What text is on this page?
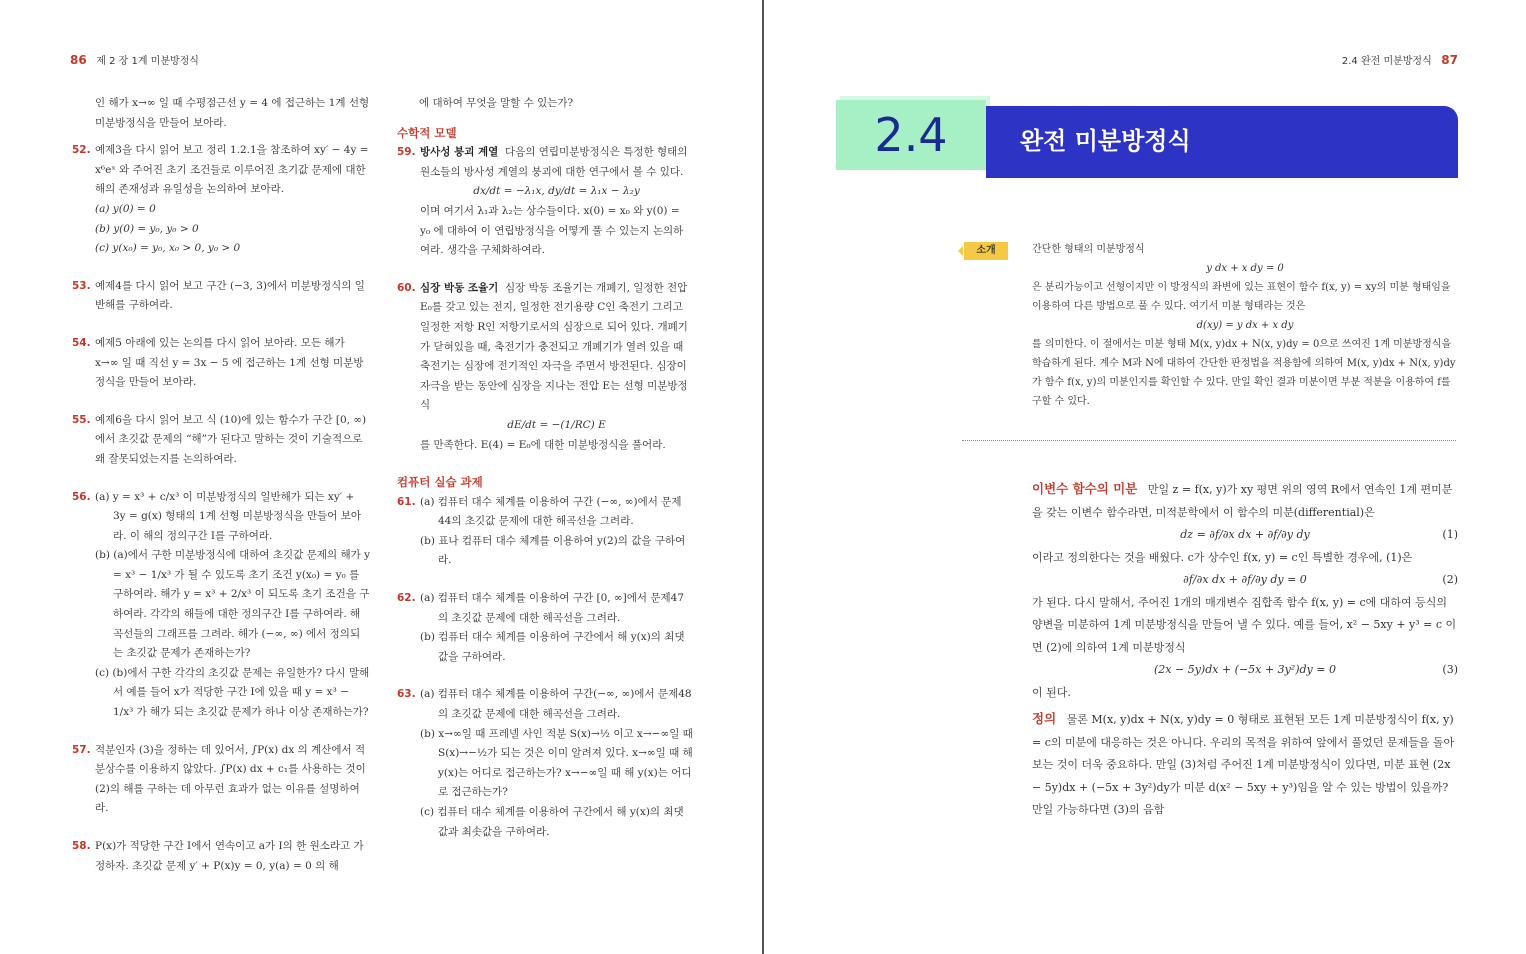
86 제 2 장 1계 미분방정식

인 해가 x→∞ 일 때 수평점근선 y = 4 에 접근하는 1계 선형 미분방정식을 만들어 보아라.

52. 예제3을 다시 읽어 보고 정리 1.2.1을 참조하여 xy′ − 4y = x⁶eˣ 와 주어진 초기 조건들로 이루어진 초기값 문제에 대한 해의 존재성과 유일성을 논의하여 보아라.

(a) y(0) = 0

(b) y(0) = y₀, y₀ > 0

(c) y(x₀) = y₀, x₀ > 0, y₀ > 0

53. 예제4를 다시 읽어 보고 구간 (−3, 3)에서 미분방정식의 일반해를 구하여라.

54. 예제5 아래에 있는 논의를 다시 읽어 보아라. 모든 해가 x→∞ 일 때 직선 y = 3x − 5 에 접근하는 1계 선형 미분방정식을 만들어 보아라.

55. 예제6을 다시 읽어 보고 식 (10)에 있는 함수가 구간 [0, ∞) 에서 초깃값 문제의 “해”가 된다고 말하는 것이 기술적으로 왜 잘못되었는지를 논의하여라.

56. (a) y = x³ + c/x³ 이 미분방정식의 일반해가 되는 xy′ + 3y = g(x) 형태의 1계 선형 미분방정식을 만들어 보아라. 이 해의 정의구간 I를 구하여라.

(b) (a)에서 구한 미분방정식에 대하여 초깃값 문제의 해가 y = x³ − 1/x³ 가 될 수 있도록 초기 조건 y(x₀) = y₀ 를 구하여라. 해가 y = x³ + 2/x³ 이 되도록 초기 조건을 구하여라. 각각의 해들에 대한 정의구간 I를 구하여라. 해곡선들의 그래프를 그려라. 해가 (−∞, ∞) 에서 정의되는 초깃값 문제가 존재하는가?

(c) (b)에서 구한 각각의 초깃값 문제는 유일한가? 다시 말해서 예를 들어 x가 적당한 구간 I에 있을 때 y = x³ − 1/x³ 가 해가 되는 초깃값 문제가 하나 이상 존재하는가?

57. 적분인자 (3)을 정하는 데 있어서, ∫P(x) dx 의 계산에서 적분상수를 이용하지 않았다. ∫P(x) dx + c₁를 사용하는 것이 (2)의 해를 구하는 데 아무런 효과가 없는 이유를 설명하여라.

58. P(x)가 적당한 구간 I에서 연속이고 a가 I의 한 원소라고 가정하자. 초깃값 문제 y′ + P(x)y = 0, y(a) = 0 의 해

에 대하여 무엇을 말할 수 있는가?

수학적 모델

59. 방사성 붕괴 계열 다음의 연립미분방정식은 특정한 형태의 원소들의 방사성 계열의 붕괴에 대한 연구에서 볼 수 있다.

dx/dt = −λ₁x, dy/dt = λ₁x − λ₂y

이며 여기서 λ₁과 λ₂는 상수들이다. x(0) = x₀ 와 y(0) = y₀ 에 대하여 이 연립방정식을 어떻게 풀 수 있는지 논의하여라. 생각을 구체화하여라.

60. 심장 박동 조율기 심장 박동 조율기는 개폐기, 일정한 전압 E₀를 갖고 있는 전지, 일정한 전기용량 C인 축전기 그리고 일정한 저항 R인 저항기로서의 심장으로 되어 있다. 개폐기가 닫혀있을 때, 축전기가 충전되고 개폐기가 열려 있을 때 축전기는 심장에 전기적인 자극을 주면서 방전된다. 심장이 자극을 받는 동안에 심장을 지나는 전압 E는 선형 미분방정식

dE/dt = −(1/RC) E

를 만족한다. E(4) = E₀에 대한 미분방정식을 풀어라.

컴퓨터 실습 과제

61. (a) 컴퓨터 대수 체계를 이용하여 구간 (−∞, ∞)에서 문제44의 초깃값 문제에 대한 해곡선을 그려라.

(b) 표나 컴퓨터 대수 체계를 이용하여 y(2)의 값을 구하여라.

62. (a) 컴퓨터 대수 체계를 이용하여 구간 [0, ∞]에서 문제47의 초깃값 문제에 대한 해곡선을 그려라.

(b) 컴퓨터 대수 체계를 이용하여 구간에서 해 y(x)의 최댓값을 구하여라.

63. (a) 컴퓨터 대수 체계를 이용하여 구간(−∞, ∞)에서 문제48의 초깃값 문제에 대한 해곡선을 그려라.

(b) x→∞일 때 프레넬 사인 적분 S(x)→½ 이고 x→−∞일 때 S(x)→−½가 되는 것은 이미 알려져 있다. x→∞일 때 해 y(x)는 어디로 접근하는가? x→−∞일 때 해 y(x)는 어디로 접근하는가?

(c) 컴퓨터 대수 체계를 이용하여 구간에서 해 y(x)의 최댓값과 최솟값을 구하여라.

2.4 완전 미분방정식 87
2.4	완전 미분방정식
소개	간단한 형태의 미분방정식

y dx + x dy = 0

은 분리가능이고 선형이지만 이 방정식의 좌변에 있는 표현이 함수 f(x, y) = xy의 미분 형태임을 이용하여 다른 방법으로 풀 수 있다. 여기서 미분 형태라는 것은

d(xy) = y dx + x dy

를 의미한다. 이 절에서는 미분 형태 M(x, y)dx + N(x, y)dy = 0으로 쓰여진 1계 미분방정식을 학습하게 된다. 계수 M과 N에 대하여 간단한 판정법을 적용함에 의하여 M(x, y)dx + N(x, y)dy가 함수 f(x, y)의 미분인지를 확인할 수 있다. 만일 확인 결과 미분이면 부분 적분을 이용하여 f를 구할 수 있다.

이변수 함수의 미분 만일 z = f(x, y)가 xy 평면 위의 영역 R에서 연속인 1계 편미분을 갖는 이변수 함수라면, 미적분학에서 이 함수의 미분(differential)은

dz = ∂f/∂x dx + ∂f/∂y dy	(1)

이라고 정의한다는 것을 배웠다. c가 상수인 f(x, y) = c인 특별한 경우에, (1)은

∂f/∂x dx + ∂f/∂y dy = 0	(2)

가 된다. 다시 말해서, 주어진 1개의 매개변수 집합족 함수 f(x, y) = c에 대하여 등식의 양변을 미분하여 1계 미분방정식을 만들어 낼 수 있다. 예를 들어, x² − 5xy + y³ = c 이면 (2)에 의하여 1계 미분방정식

(2x − 5y)dx + (−5x + 3y²)dy = 0	(3)

이 된다.

정의 물론 M(x, y)dx + N(x, y)dy = 0 형태로 표현된 모든 1계 미분방정식이 f(x, y) = c의 미분에 대응하는 것은 아니다. 우리의 목적을 위하여 앞에서 풀었던 문제들을 돌아보는 것이 더욱 중요하다. 만일 (3)처럼 주어진 1계 미분방정식이 있다면, 미분 표현 (2x − 5y)dx + (−5x + 3y²)dy가 미분 d(x² − 5xy + y³)임을 알 수 있는 방법이 있을까? 만일 가능하다면 (3)의 음함
